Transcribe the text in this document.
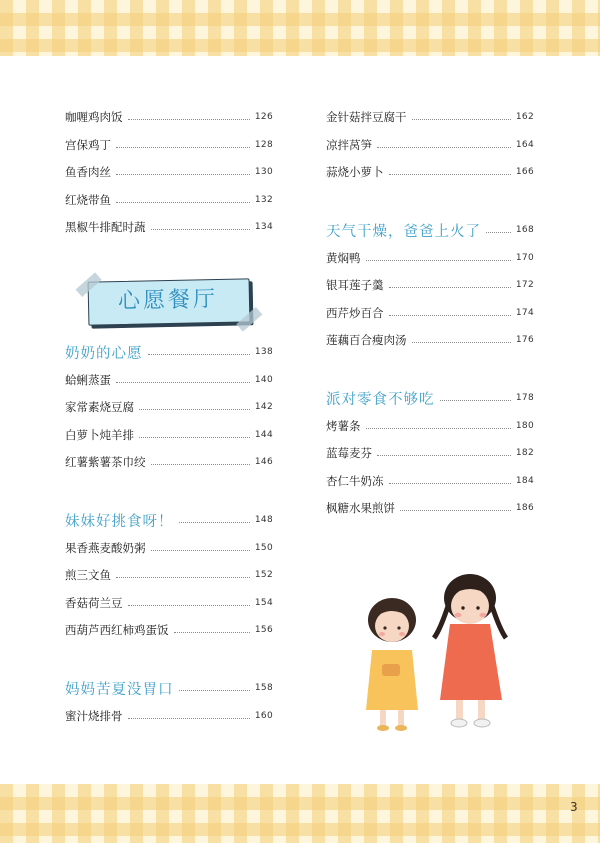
咖喱鸡肉饭	126
宫保鸡丁	128
鱼香肉丝	130
红烧带鱼	132
黑椒牛排配时蔬	134
奶奶的心愿	138
蛤蜊蒸蛋	140
家常素烧豆腐	142
白萝卜炖羊排	144
红薯紫薯茶巾绞	146
妹妹好挑食呀！	148
果香燕麦酸奶粥	150
煎三文鱼	152
香菇荷兰豆	154
西葫芦西红柿鸡蛋饭	156
妈妈苦夏没胃口	158
蜜汁烧排骨	160
金针菇拌豆腐干	162
凉拌莴笋	164
蒜烧小萝卜	166
天气干燥，爸爸上火了	168
黄焖鸭	170
银耳莲子羹	172
西芹炒百合	174
莲藕百合瘦肉汤	176
派对零食不够吃	178
烤薯条	180
蓝莓麦芬	182
杏仁牛奶冻	184
枫糖水果煎饼	186
心愿餐厅
3
